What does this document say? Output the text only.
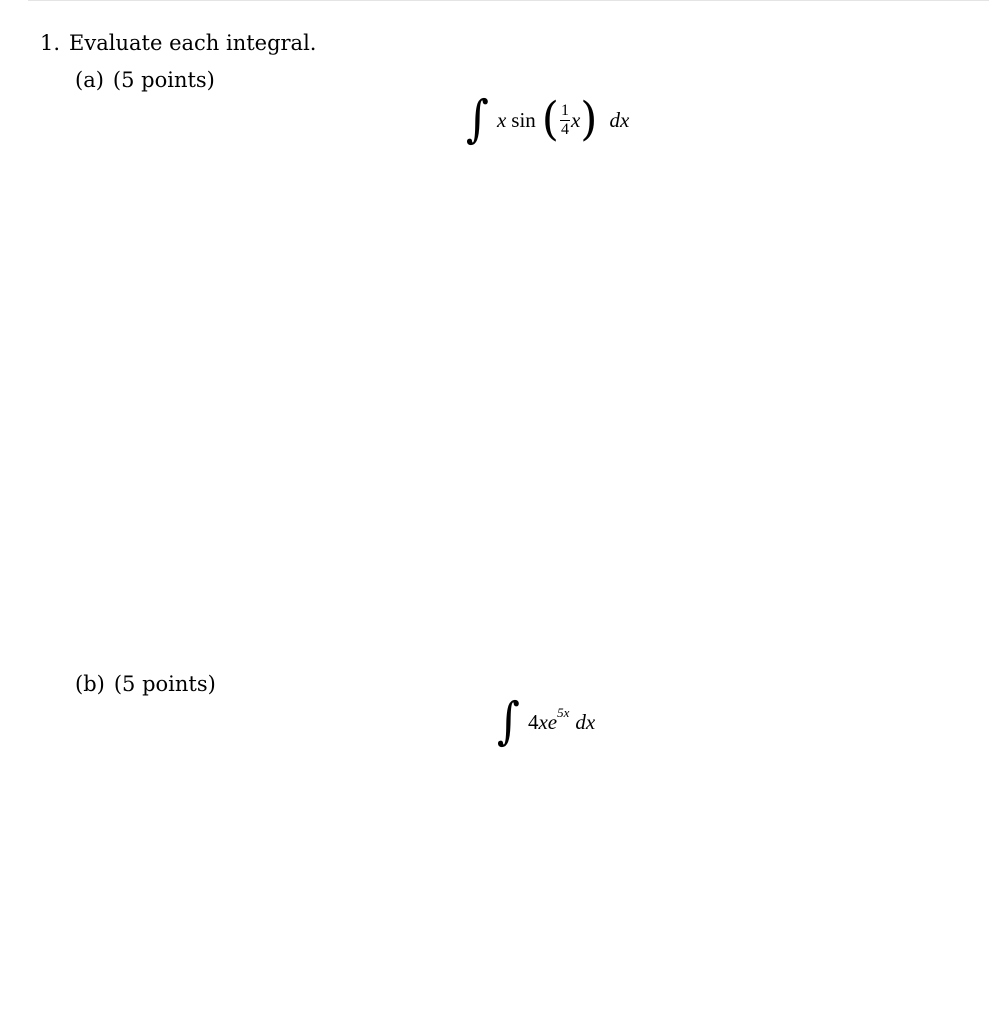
1. Evaluate each integral.
(a) (5 points)
∫ x sin ( $\frac{1}{4}$ x ) dx
(b) (5 points)
∫ 4 x e 5x dx
